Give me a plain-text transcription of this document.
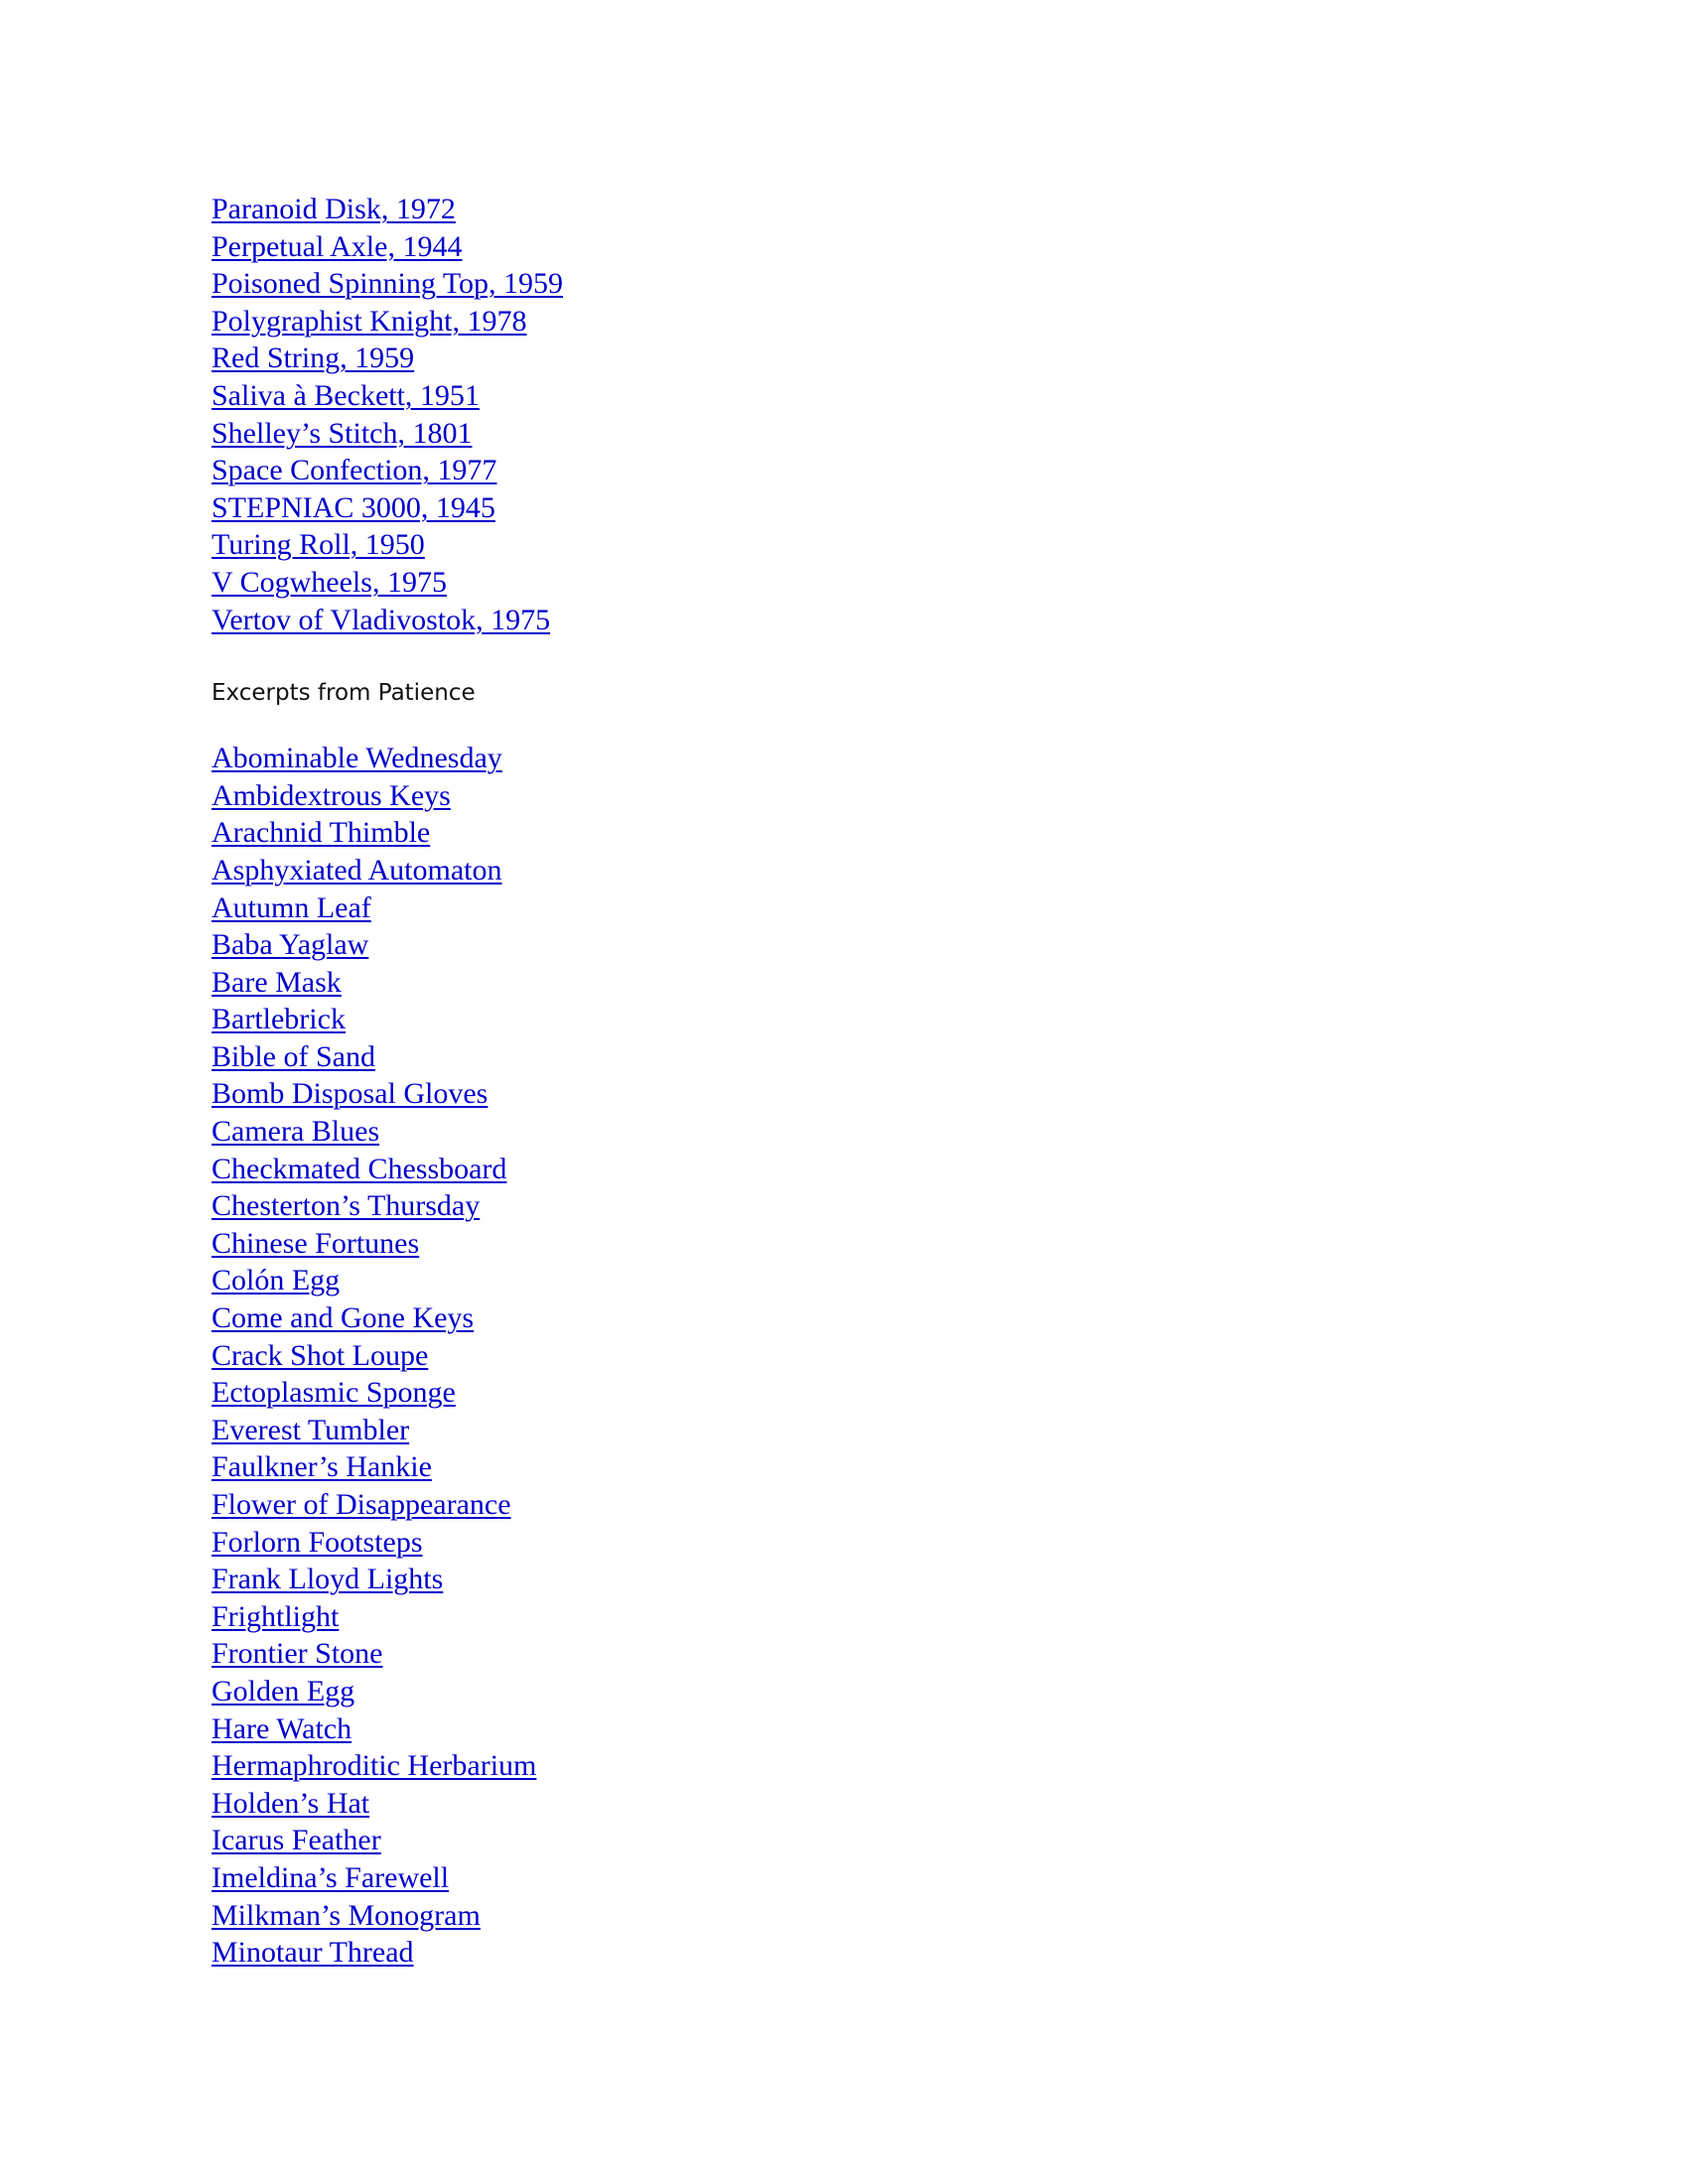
Paranoid Disk, 1972
Perpetual Axle, 1944
Poisoned Spinning Top, 1959
Polygraphist Knight, 1978
Red String, 1959
Saliva à Beckett, 1951
Shelley’s Stitch, 1801
Space Confection, 1977
STEPNIAC 3000, 1945
Turing Roll, 1950
V Cogwheels, 1975
Vertov of Vladivostok, 1975
Excerpts from Patience
Abominable Wednesday
Ambidextrous Keys
Arachnid Thimble
Asphyxiated Automaton
Autumn Leaf
Baba Yaglaw
Bare Mask
Bartlebrick
Bible of Sand
Bomb Disposal Gloves
Camera Blues
Checkmated Chessboard
Chesterton’s Thursday
Chinese Fortunes
Colón Egg
Come and Gone Keys
Crack Shot Loupe
Ectoplasmic Sponge
Everest Tumbler
Faulkner’s Hankie
Flower of Disappearance
Forlorn Footsteps
Frank Lloyd Lights
Frightlight
Frontier Stone
Golden Egg
Hare Watch
Hermaphroditic Herbarium
Holden’s Hat
Icarus Feather
Imeldina’s Farewell
Milkman’s Monogram
Minotaur Thread
